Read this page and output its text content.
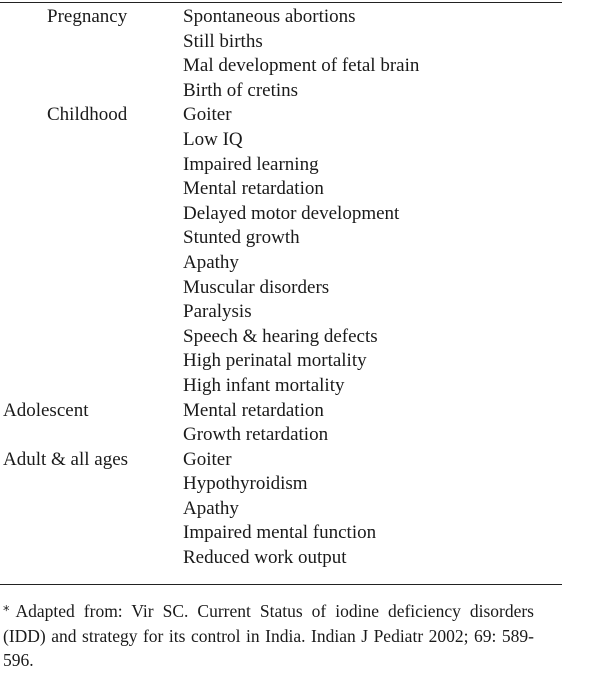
Pregnancy	Spontaneous abortions
Still births
Mal development of fetal brain
Birth of cretins
Childhood	Goiter
Low IQ
Impaired learning
Mental retardation
Delayed motor development
Stunted growth
Apathy
Muscular disorders
Paralysis
Speech & hearing defects
High perinatal mortality
High infant mortality
Adolescent	Mental retardation
Growth retardation
Adult & all ages	Goiter
Hypothyroidism
Apathy
Impaired mental function
Reduced work output

* Adapted from: Vir SC. Current Status of iodine deficiency disorders (IDD) and strategy for its control in India. Indian J Pediatr 2002; 69: 589-596.
